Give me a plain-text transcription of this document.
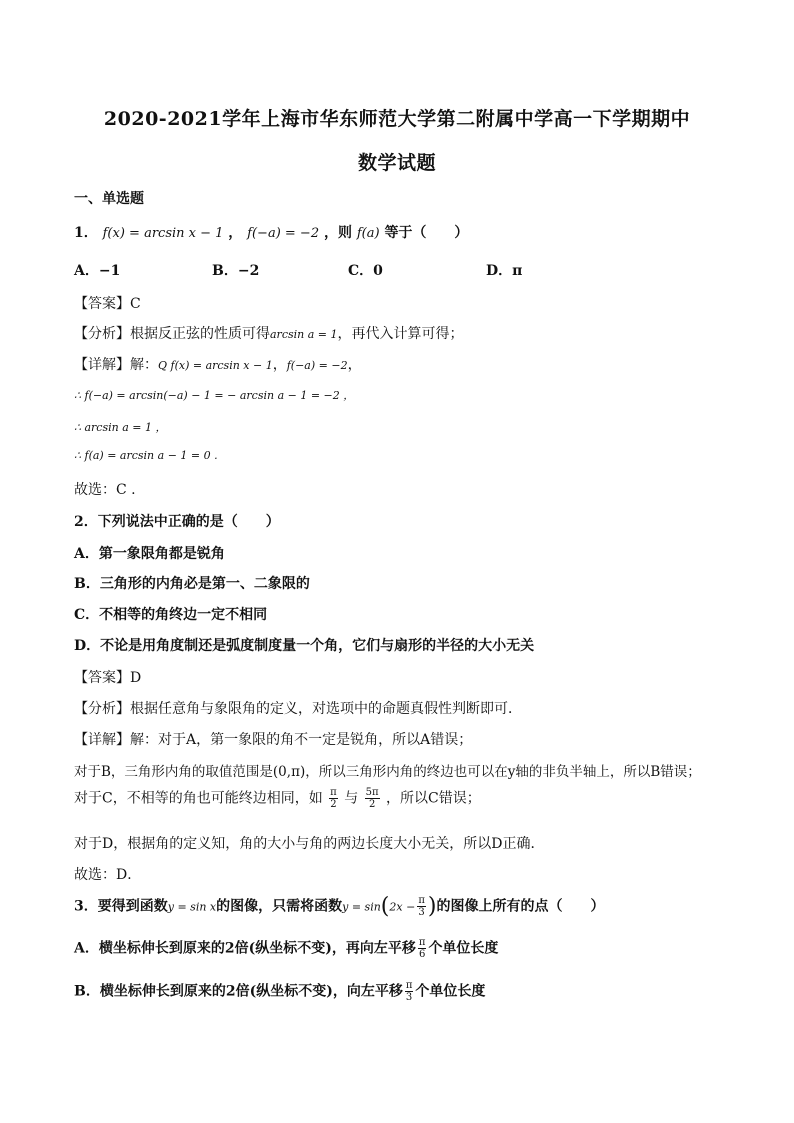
2020-2021学年上海市华东师范大学第二附属中学高一下学期期中
数学试题
一、单选题
1． f(x) = arcsin x − 1 ， f(−a) = −2 ，则 f(a) 等于（　　）
A．−1	B．−2	C．0	D．π
【答案】C
【分析】根据反正弦的性质可得arcsin a = 1，再代入计算可得；
【详解】解：Q f(x) = arcsin x − 1，f(−a) = −2，
∴ f(−a) = arcsin(−a) − 1 = − arcsin a − 1 = −2 ，
∴ arcsin a = 1 ，
∴ f(a) = arcsin a − 1 = 0 .
故选：C .
2．下列说法中正确的是（　　）
A．第一象限角都是锐角
B．三角形的内角必是第一、二象限的
C．不相等的角终边一定不相同
D．不论是用角度制还是弧度制度量一个角，它们与扇形的半径的大小无关
【答案】D
【分析】根据任意角与象限角的定义，对选项中的命题真假性判断即可．
【详解】解：对于A，第一象限的角不一定是锐角，所以A错误；
对于B，三角形内角的取值范围是(0,π)，所以三角形内角的终边也可以在y轴的非负半轴上，所以B错误；
对于C，不相等的角也可能终边相同，如 $\frac{\pi}{2}$ 与 $\frac{5\pi}{2}$ ，所以C错误；
对于D，根据角的定义知，角的大小与角的两边长度大小无关，所以D正确．
故选：D．
3．要得到函数y = sin x的图像，只需将函数$y = \sin(2x - \frac{\pi}{3}$ )的图像上所有的点（　　）
A．横坐标伸长到原来的2倍(纵坐标不变)，再向左平移 $\frac{\pi}{6}$ 个单位长度
B．横坐标伸长到原来的2倍(纵坐标不变)，向左平移 $\frac{\pi}{3}$ 个单位长度
